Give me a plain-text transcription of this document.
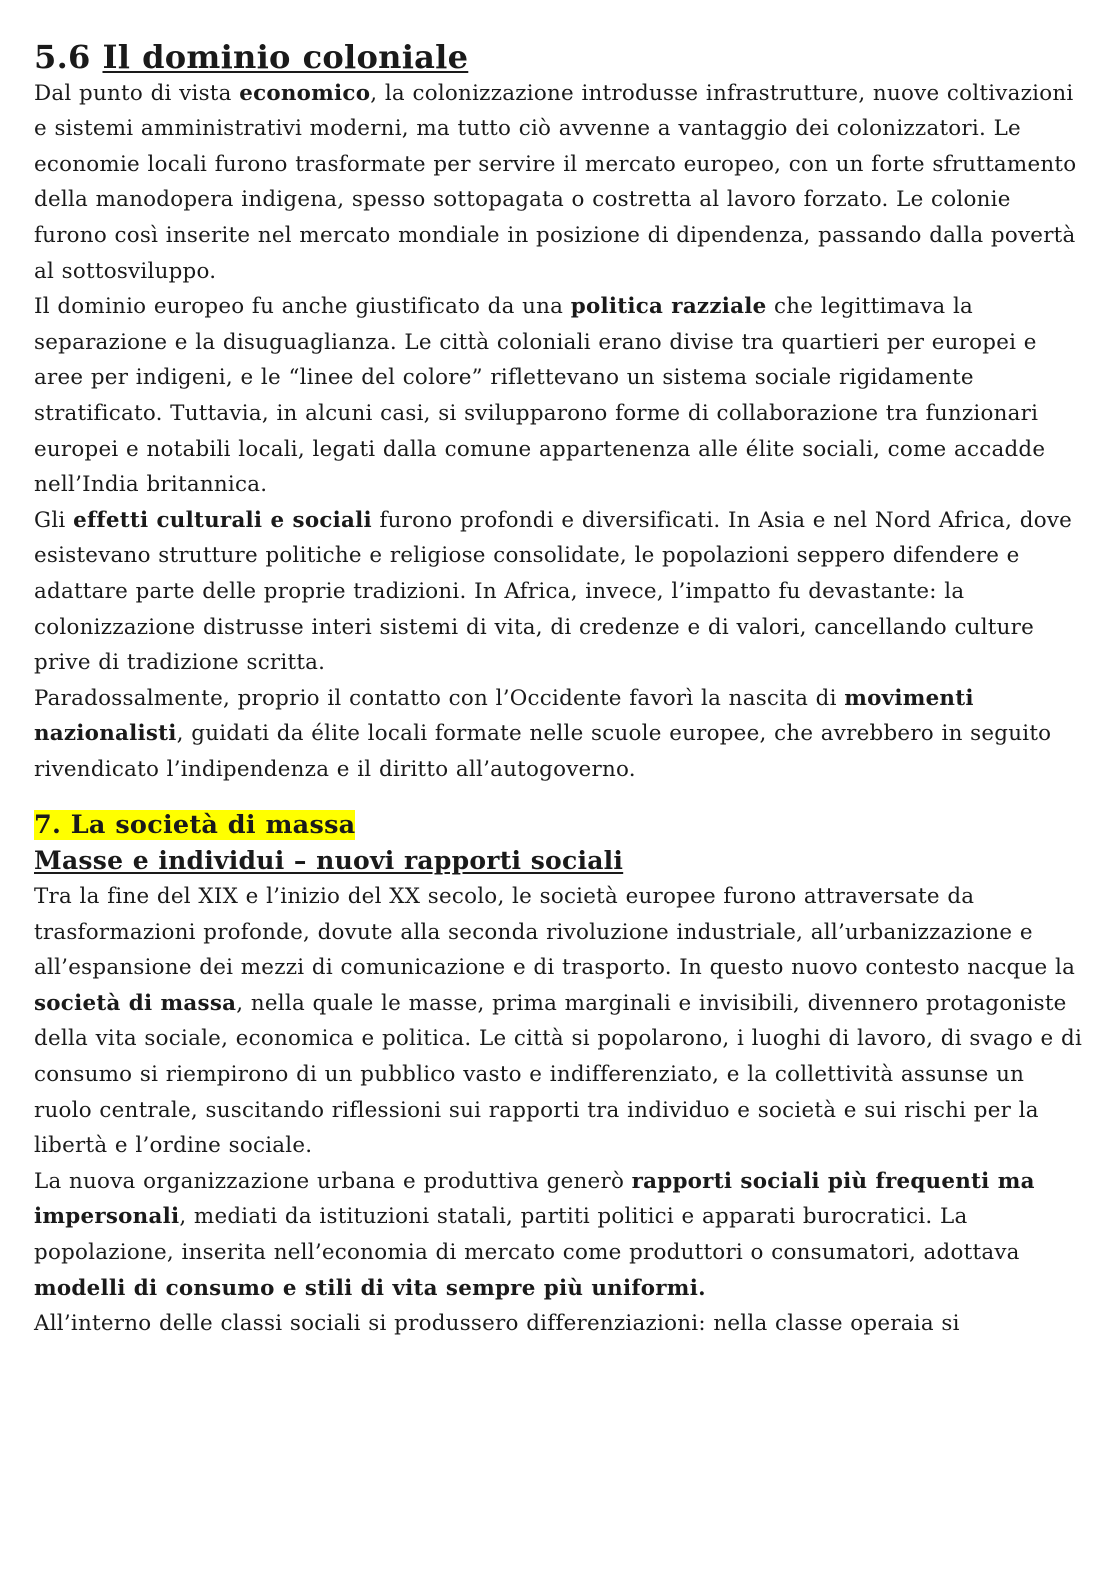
5.6 Il dominio coloniale

Dal punto di vista economico, la colonizzazione introdusse infrastrutture, nuove coltivazioni e sistemi amministrativi moderni, ma tutto ciò avvenne a vantaggio dei colonizzatori. Le economie locali furono trasformate per servire il mercato europeo, con un forte sfruttamento della manodopera indigena, spesso sottopagata o costretta al lavoro forzato. Le colonie furono così inserite nel mercato mondiale in posizione di dipendenza, passando dalla povertà al sottosviluppo.

Il dominio europeo fu anche giustificato da una politica razziale che legittimava la separazione e la disuguaglianza. Le città coloniali erano divise tra quartieri per europei e aree per indigeni, e le “linee del colore” riflettevano un sistema sociale rigidamente stratificato. Tuttavia, in alcuni casi, si svilupparono forme di collaborazione tra funzionari europei e notabili locali, legati dalla comune appartenenza alle élite sociali, come accadde nell’India britannica.

Gli effetti culturali e sociali furono profondi e diversificati. In Asia e nel Nord Africa, dove esistevano strutture politiche e religiose consolidate, le popolazioni seppero difendere e adattare parte delle proprie tradizioni. In Africa, invece, l’impatto fu devastante: la colonizzazione distrusse interi sistemi di vita, di credenze e di valori, cancellando culture prive di tradizione scritta.

Paradossalmente, proprio il contatto con l’Occidente favorì la nascita di movimenti nazionalisti, guidati da élite locali formate nelle scuole europee, che avrebbero in seguito rivendicato l’indipendenza e il diritto all’autogoverno.

7. La società di massa
Masse e individui – nuovi rapporti sociali

Tra la fine del XIX e l’inizio del XX secolo, le società europee furono attraversate da trasformazioni profonde, dovute alla seconda rivoluzione industriale, all’urbanizzazione e all’espansione dei mezzi di comunicazione e di trasporto. In questo nuovo contesto nacque la società di massa, nella quale le masse, prima marginali e invisibili, divennero protagoniste della vita sociale, economica e politica. Le città si popolarono, i luoghi di lavoro, di svago e di consumo si riempirono di un pubblico vasto e indifferenziato, e la collettività assunse un ruolo centrale, suscitando riflessioni sui rapporti tra individuo e società e sui rischi per la libertà e l’ordine sociale.

La nuova organizzazione urbana e produttiva generò rapporti sociali più frequenti ma impersonali, mediati da istituzioni statali, partiti politici e apparati burocratici. La popolazione, inserita nell’economia di mercato come produttori o consumatori, adottava modelli di consumo e stili di vita sempre più uniformi.

All’interno delle classi sociali si produssero differenziazioni: nella classe operaia si
